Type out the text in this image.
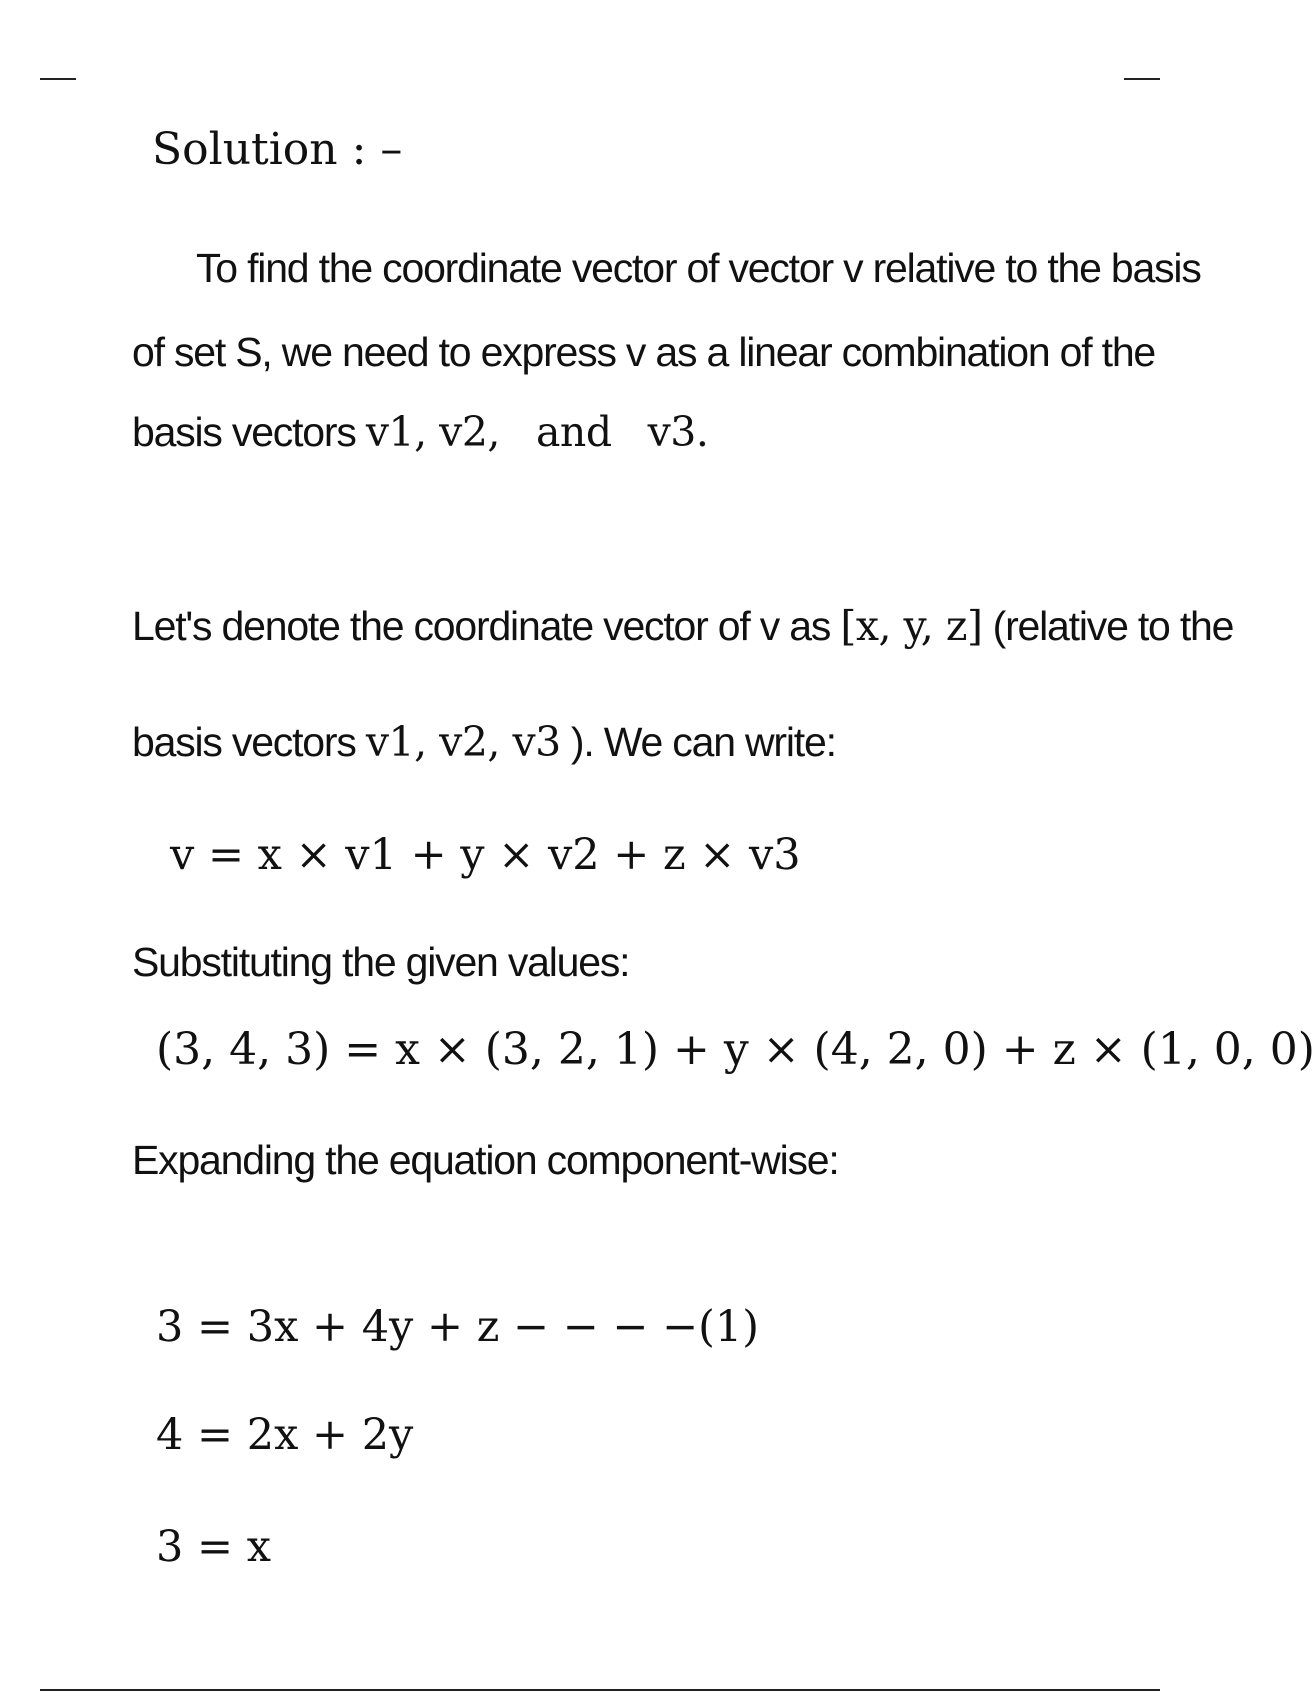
Solution : –
To find the coordinate vector of vector v relative to the basis
of set S, we need to express v as a linear combination of the
basis vectors v1, v2, and v3.
Let's denote the coordinate vector of v as [x, y, z] (relative to the
basis vectors v1, v2, v3 ). We can write:
v = x × v1 + y × v2 + z × v3
Substituting the given values:
(3, 4, 3) = x × (3, 2, 1) + y × (4, 2, 0) + z × (1, 0, 0)
Expanding the equation component-wise:
3 = 3x + 4y + z − − − −(1)
4 = 2x + 2y
3 = x
